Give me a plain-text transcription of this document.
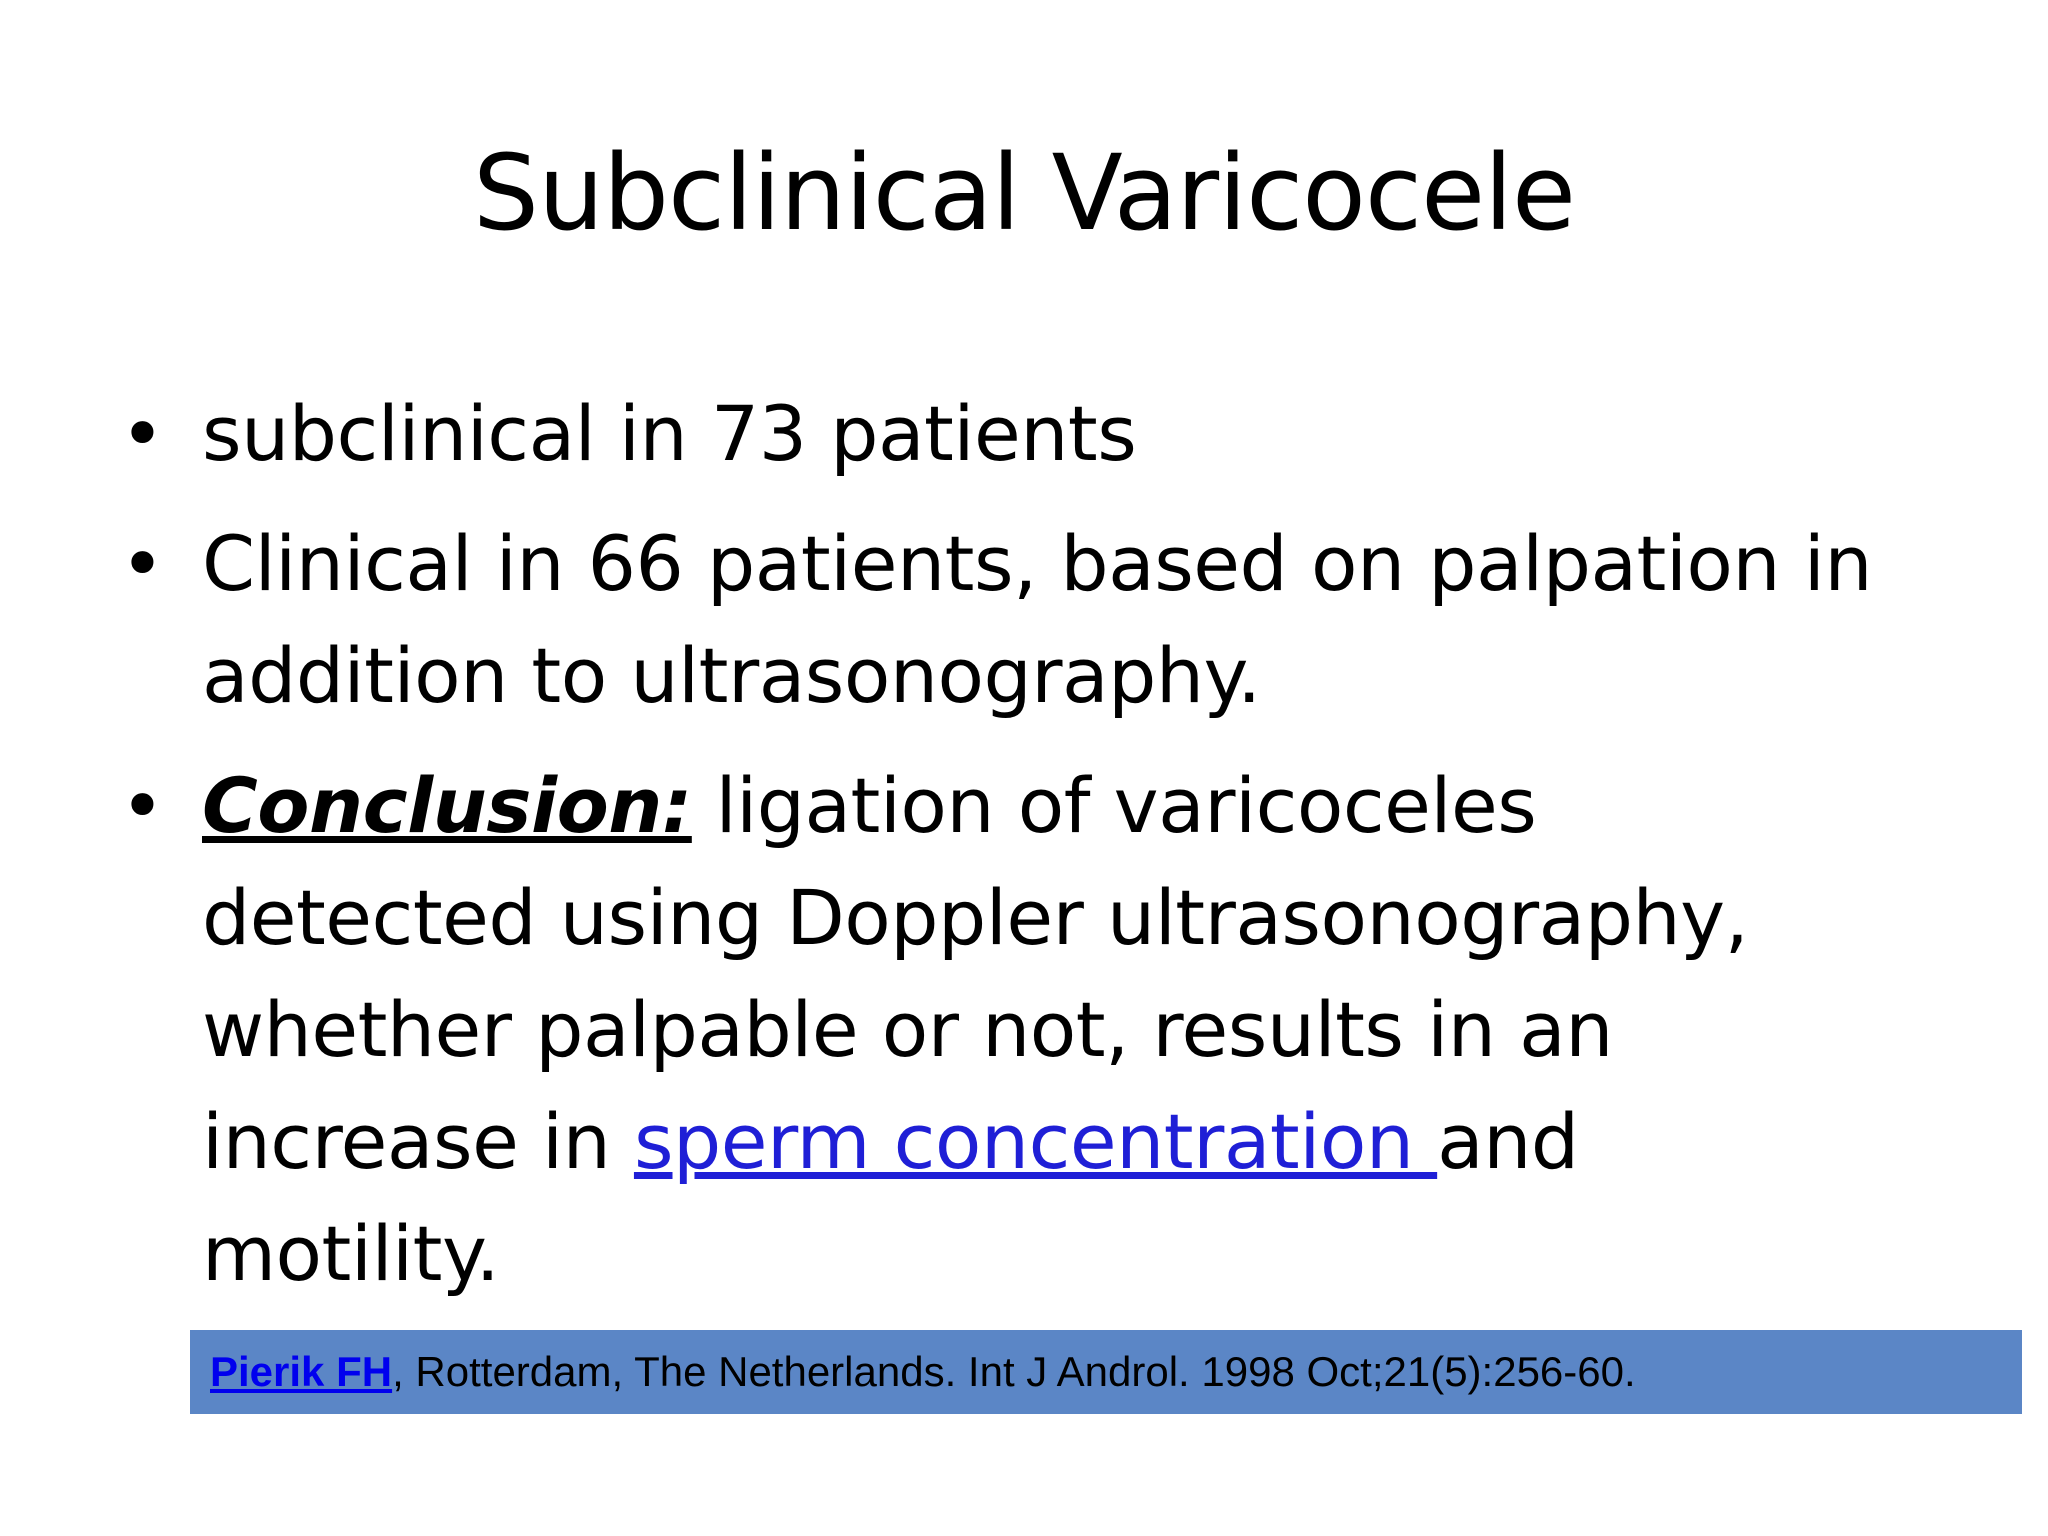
Subclinical Varicocele
• subclinical in 73 patients
• Clinical in 66 patients, based on palpation in addition to ultrasonography.
• Conclusion: ligation of varicoceles detected using Doppler ultrasonography, whether palpable or not, results in an increase in sperm concentration and motility.
Pierik FH, Rotterdam, The Netherlands. Int J Androl. 1998 Oct;21(5):256-60.
